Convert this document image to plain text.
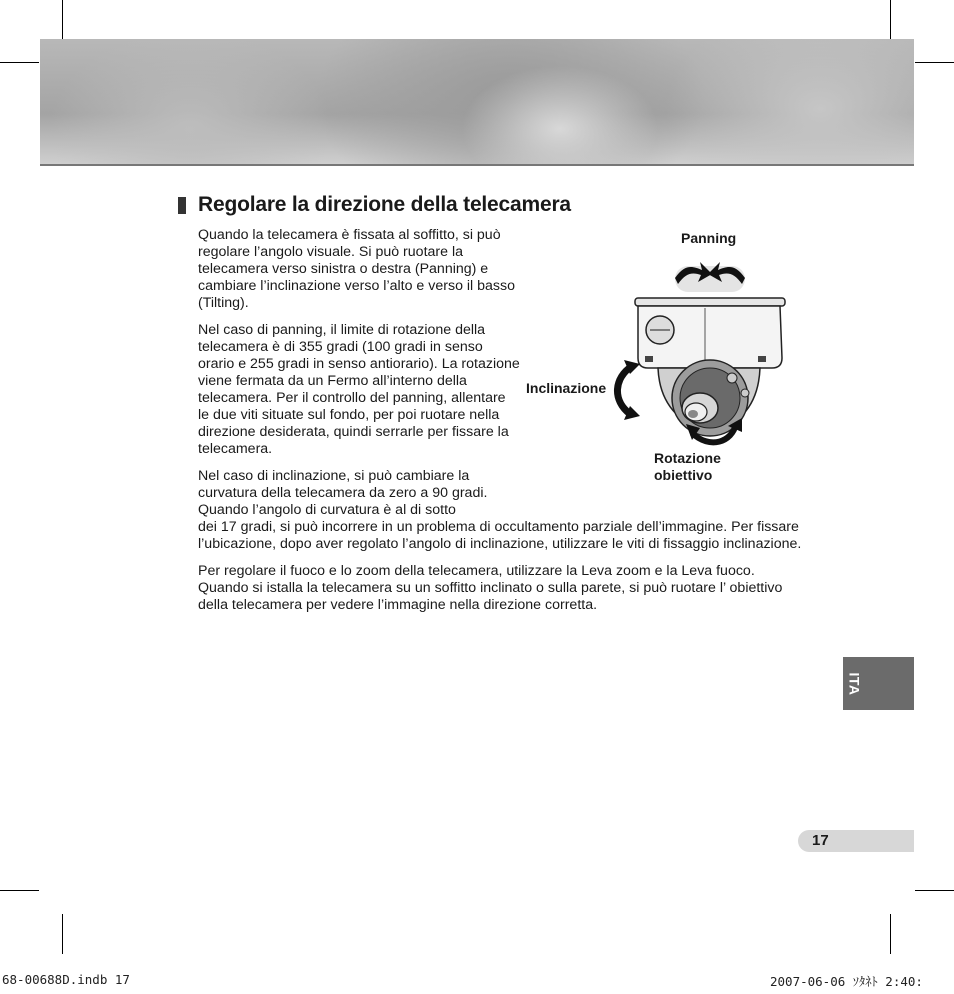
Regolare la direzione della telecamera

Quando la telecamera è fissata al soffitto, si può regolare l’angolo visuale. Si può ruotare la telecamera verso sinistra o destra (Panning) e cambiare l’inclinazione verso l’alto e verso il basso (Tilting).

Nel caso di panning, il limite di rotazione della telecamera è di 355 gradi (100 gradi in senso orario e 255 gradi in senso antiorario). La rotazione viene fermata da un Fermo all’interno della telecamera. Per il controllo del panning, allentare le due viti situate sul fondo, per poi ruotare nella direzione desiderata, quindi serrarle per fissare la telecamera.

Nel caso di inclinazione, si può cambiare la curvatura della telecamera da zero a 90 gradi. Quando l’angolo di curvatura è al di sotto

dei 17 gradi, si può incorrere in un problema di occultamento parziale dell’immagine. Per fissare l’ubicazione, dopo aver regolato l’angolo di inclinazione, utilizzare le viti di fissaggio inclinazione.

Per regolare il fuoco e lo zoom della telecamera, utilizzare la Leva zoom e la Leva fuoco. Quando si istalla la telecamera su un soffitto inclinato o sulla parete, si può ruotare l’ obiettivo della telecamera per vedere l’immagine nella direzione corretta.

Panning
Inclinazione
Rotazione
obiettivo
ITA
17
68-00688D.indb 17	2007-06-06 ｿﾀﾈﾄ 2:40:
